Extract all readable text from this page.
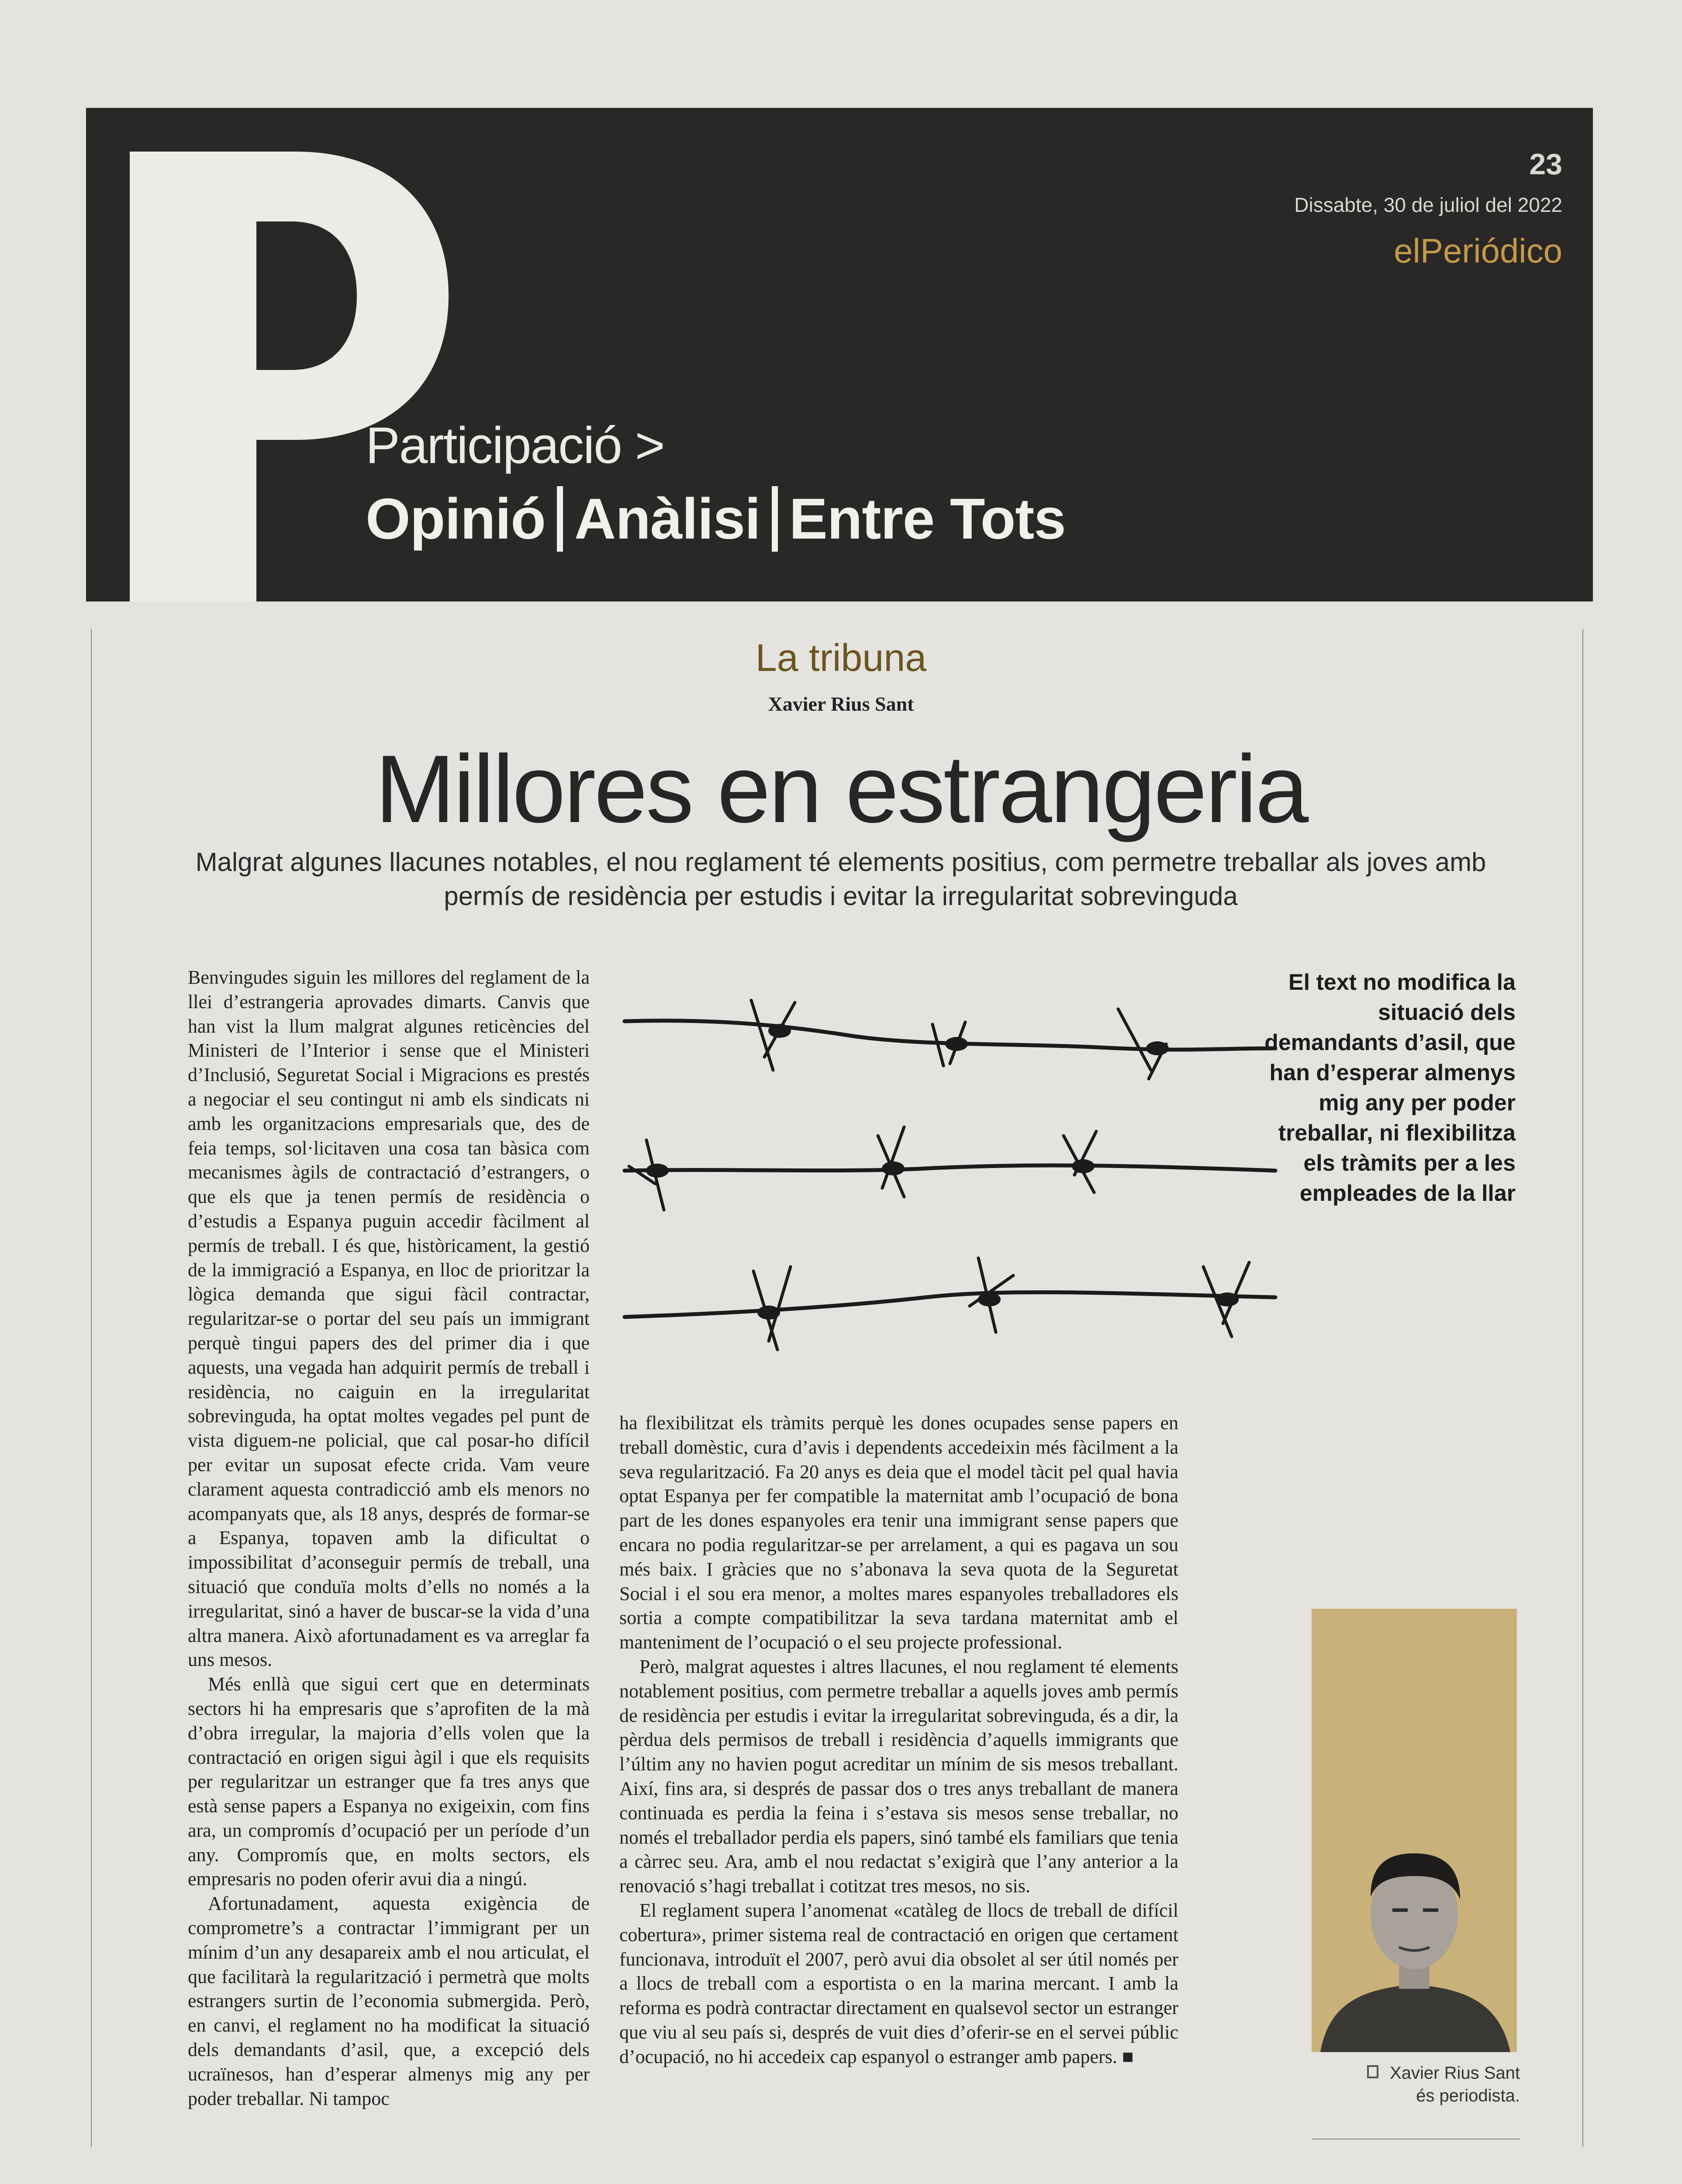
23
Dissabte, 30 de juliol del 2022
elPeriódico
Participació >
Opinió Anàlisi Entre Tots
La tribuna
Xavier Rius Sant
Millores en estrangeria
Malgrat algunes llacunes notables, el nou reglament té elements positius, com permetre treballar als joves amb permís de residència per estudis i evitar la irregularitat sobrevinguda

Benvingudes siguin les millores del reglament de la llei d’estrangeria aprovades dimarts. Canvis que han vist la llum malgrat algunes reticències del Ministeri de l’Interior i sense que el Ministeri d’Inclusió, Seguretat Social i Migracions es prestés a negociar el seu contingut ni amb els sindicats ni amb les organitzacions empresarials que, des de feia temps, sol·licitaven una cosa tan bàsica com mecanismes àgils de contractació d’estrangers, o que els que ja tenen permís de residència o d’estudis a Espanya puguin accedir fàcilment al permís de treball. I és que, històricament, la gestió de la immigració a Espanya, en lloc de prioritzar la lògica demanda que sigui fàcil contractar, regularitzar-se o portar del seu país un immigrant perquè tingui papers des del primer dia i que aquests, una vegada han adquirit permís de treball i residència, no caiguin en la irregularitat sobrevinguda, ha optat moltes vegades pel punt de vista diguem-ne policial, que cal posar-ho difícil per evitar un suposat efecte crida. Vam veure clarament aquesta contradicció amb els menors no acompanyats que, als 18 anys, després de formar-se a Espanya, topaven amb la dificultat o impossibilitat d’aconseguir permís de treball, una situació que conduïa molts d’ells no només a la irregularitat, sinó a haver de buscar-se la vida d’una altra manera. Això afortunadament es va arreglar fa uns mesos.

Més enllà que sigui cert que en determinats sectors hi ha empresaris que s’aprofiten de la mà d’obra irregular, la majoria d’ells volen que la contractació en origen sigui àgil i que els requisits per regularitzar un estranger que fa tres anys que està sense papers a Espanya no exigeixin, com fins ara, un compromís d’ocupació per un període d’un any. Compromís que, en molts sectors, els empresaris no poden oferir avui dia a ningú.

Afortunadament, aquesta exigència de comprometre’s a contractar l’immigrant per un mínim d’un any desapareix amb el nou articulat, el que facilitarà la regularització i permetrà que molts estrangers surtin de l’economia submergida. Però, en canvi, el reglament no ha modificat la situació dels demandants d’asil, que, a excepció dels ucraïnesos, han d’esperar almenys mig any per poder treballar. Ni tampoc

ha flexibilitzat els tràmits perquè les dones ocupades sense papers en treball domèstic, cura d’avis i dependents accedeixin més fàcilment a la seva regularització. Fa 20 anys es deia que el model tàcit pel qual havia optat Espanya per fer compatible la maternitat amb l’ocupació de bona part de les dones espanyoles era tenir una immigrant sense papers que encara no podia regularitzar-se per arrelament, a qui es pagava un sou més baix. I gràcies que no s’abonava la seva quota de la Seguretat Social i el sou era menor, a moltes mares espanyoles treballadores els sortia a compte compatibilitzar la seva tardana maternitat amb el manteniment de l’ocupació o el seu projecte professional.

Però, malgrat aquestes i altres llacunes, el nou reglament té elements notablement positius, com permetre treballar a aquells joves amb permís de residència per estudis i evitar la irregularitat sobrevinguda, és a dir, la pèrdua dels permisos de treball i residència d’aquells immigrants que l’últim any no havien pogut acreditar un mínim de sis mesos treballant. Així, fins ara, si després de passar dos o tres anys treballant de manera continuada es perdia la feina i s’estava sis mesos sense treballar, no només el treballador perdia els papers, sinó també els familiars que tenia a càrrec seu. Ara, amb el nou redactat s’exigirà que l’any anterior a la renovació s’hagi treballat i cotitzat tres mesos, no sis.

El reglament supera l’anomenat «catàleg de llocs de treball de difícil cobertura», primer sistema real de contractació en origen que certament funcionava, introduït el 2007, però avui dia obsolet al ser útil només per a llocs de treball com a esportista o en la marina mercant. I amb la reforma es podrà contractar directament en qualsevol sector un estranger que viu al seu país si, després de vuit dies d’oferir-se en el servei públic d’ocupació, no hi accedeix cap espanyol o estranger amb papers. ■

El text no modifica la situació dels demandants d’asil, que han d’esperar almenys mig any per poder treballar, ni flexibilitza els tràmits per a les empleades de la llar
Xavier Rius Sant
és periodista.
